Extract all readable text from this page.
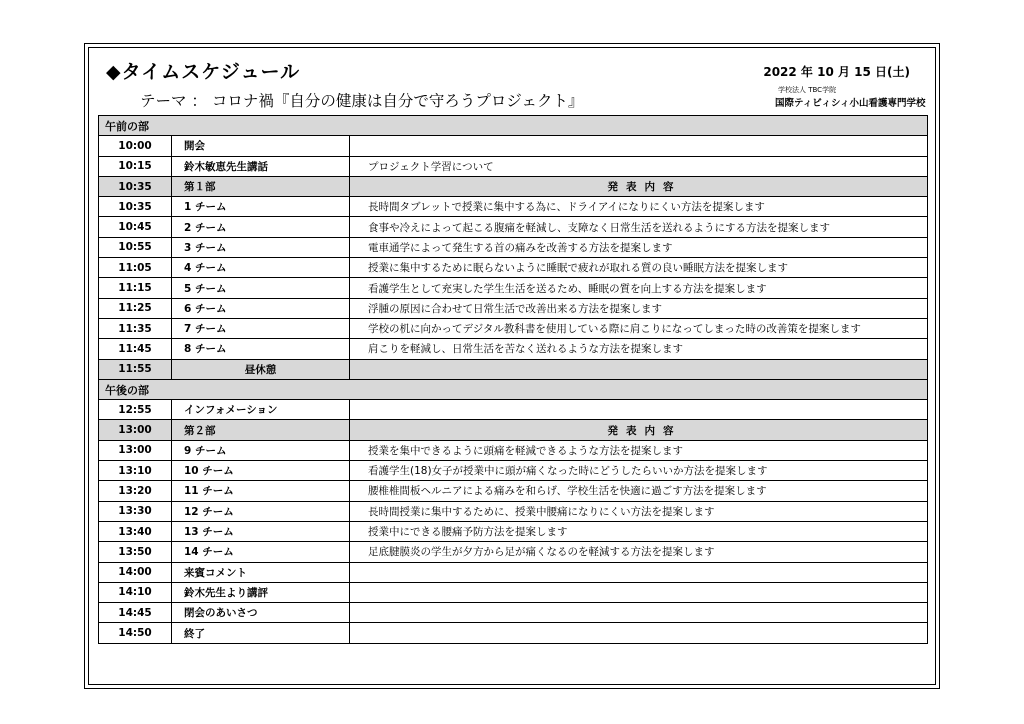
◆タイムスケジュール
テーマ ： コロナ禍『自分の健康は自分で守ろうプロジェクト』
2022 年 10 月 15 日(土)
学校法人 TBC学院
国際ティビィシィ小山看護専門学校
午前の部		
10:00	開会	
10:15	鈴木敏恵先生講話	プロジェクト学習について
10:35	第１部	発表内容
10:35	1 チーム	長時間タブレットで授業に集中する為に、ドライアイになりにくい方法を提案します
10:45	2 チーム	食事や冷えによって起こる腹痛を軽減し、支障なく日常生活を送れるようにする方法を提案します
10:55	3 チーム	電車通学によって発生する首の痛みを改善する方法を提案します
11:05	4 チーム	授業に集中するために眠らないように睡眠で疲れが取れる質の良い睡眠方法を提案します
11:15	5 チーム	看護学生として充実した学生生活を送るため、睡眠の質を向上する方法を提案します
11:25	6 チーム	浮腫の原因に合わせて日常生活で改善出来る方法を提案します
11:35	7 チーム	学校の机に向かってデジタル教科書を使用している際に肩こりになってしまった時の改善策を提案します
11:45	8 チーム	肩こりを軽減し、日常生活を苦なく送れるような方法を提案します
11:55	昼休憩	
午後の部		
12:55	インフォメーション	
13:00	第２部	発表内容
13:00	9 チーム	授業を集中できるように頭痛を軽減できるような方法を提案します
13:10	10 チーム	看護学生(18)女子が授業中に頭が痛くなった時にどうしたらいいか方法を提案します
13:20	11 チーム	腰椎椎間板ヘルニアによる痛みを和らげ、学校生活を快適に過ごす方法を提案します
13:30	12 チーム	長時間授業に集中するために、授業中腰痛になりにくい方法を提案します
13:40	13 チーム	授業中にできる腰痛予防方法を提案します
13:50	14 チーム	足底腱膜炎の学生が夕方から足が痛くなるのを軽減する方法を提案します
14:00	来賓コメント	
14:10	鈴木先生より講評	
14:45	閉会のあいさつ	
14:50	終了	
